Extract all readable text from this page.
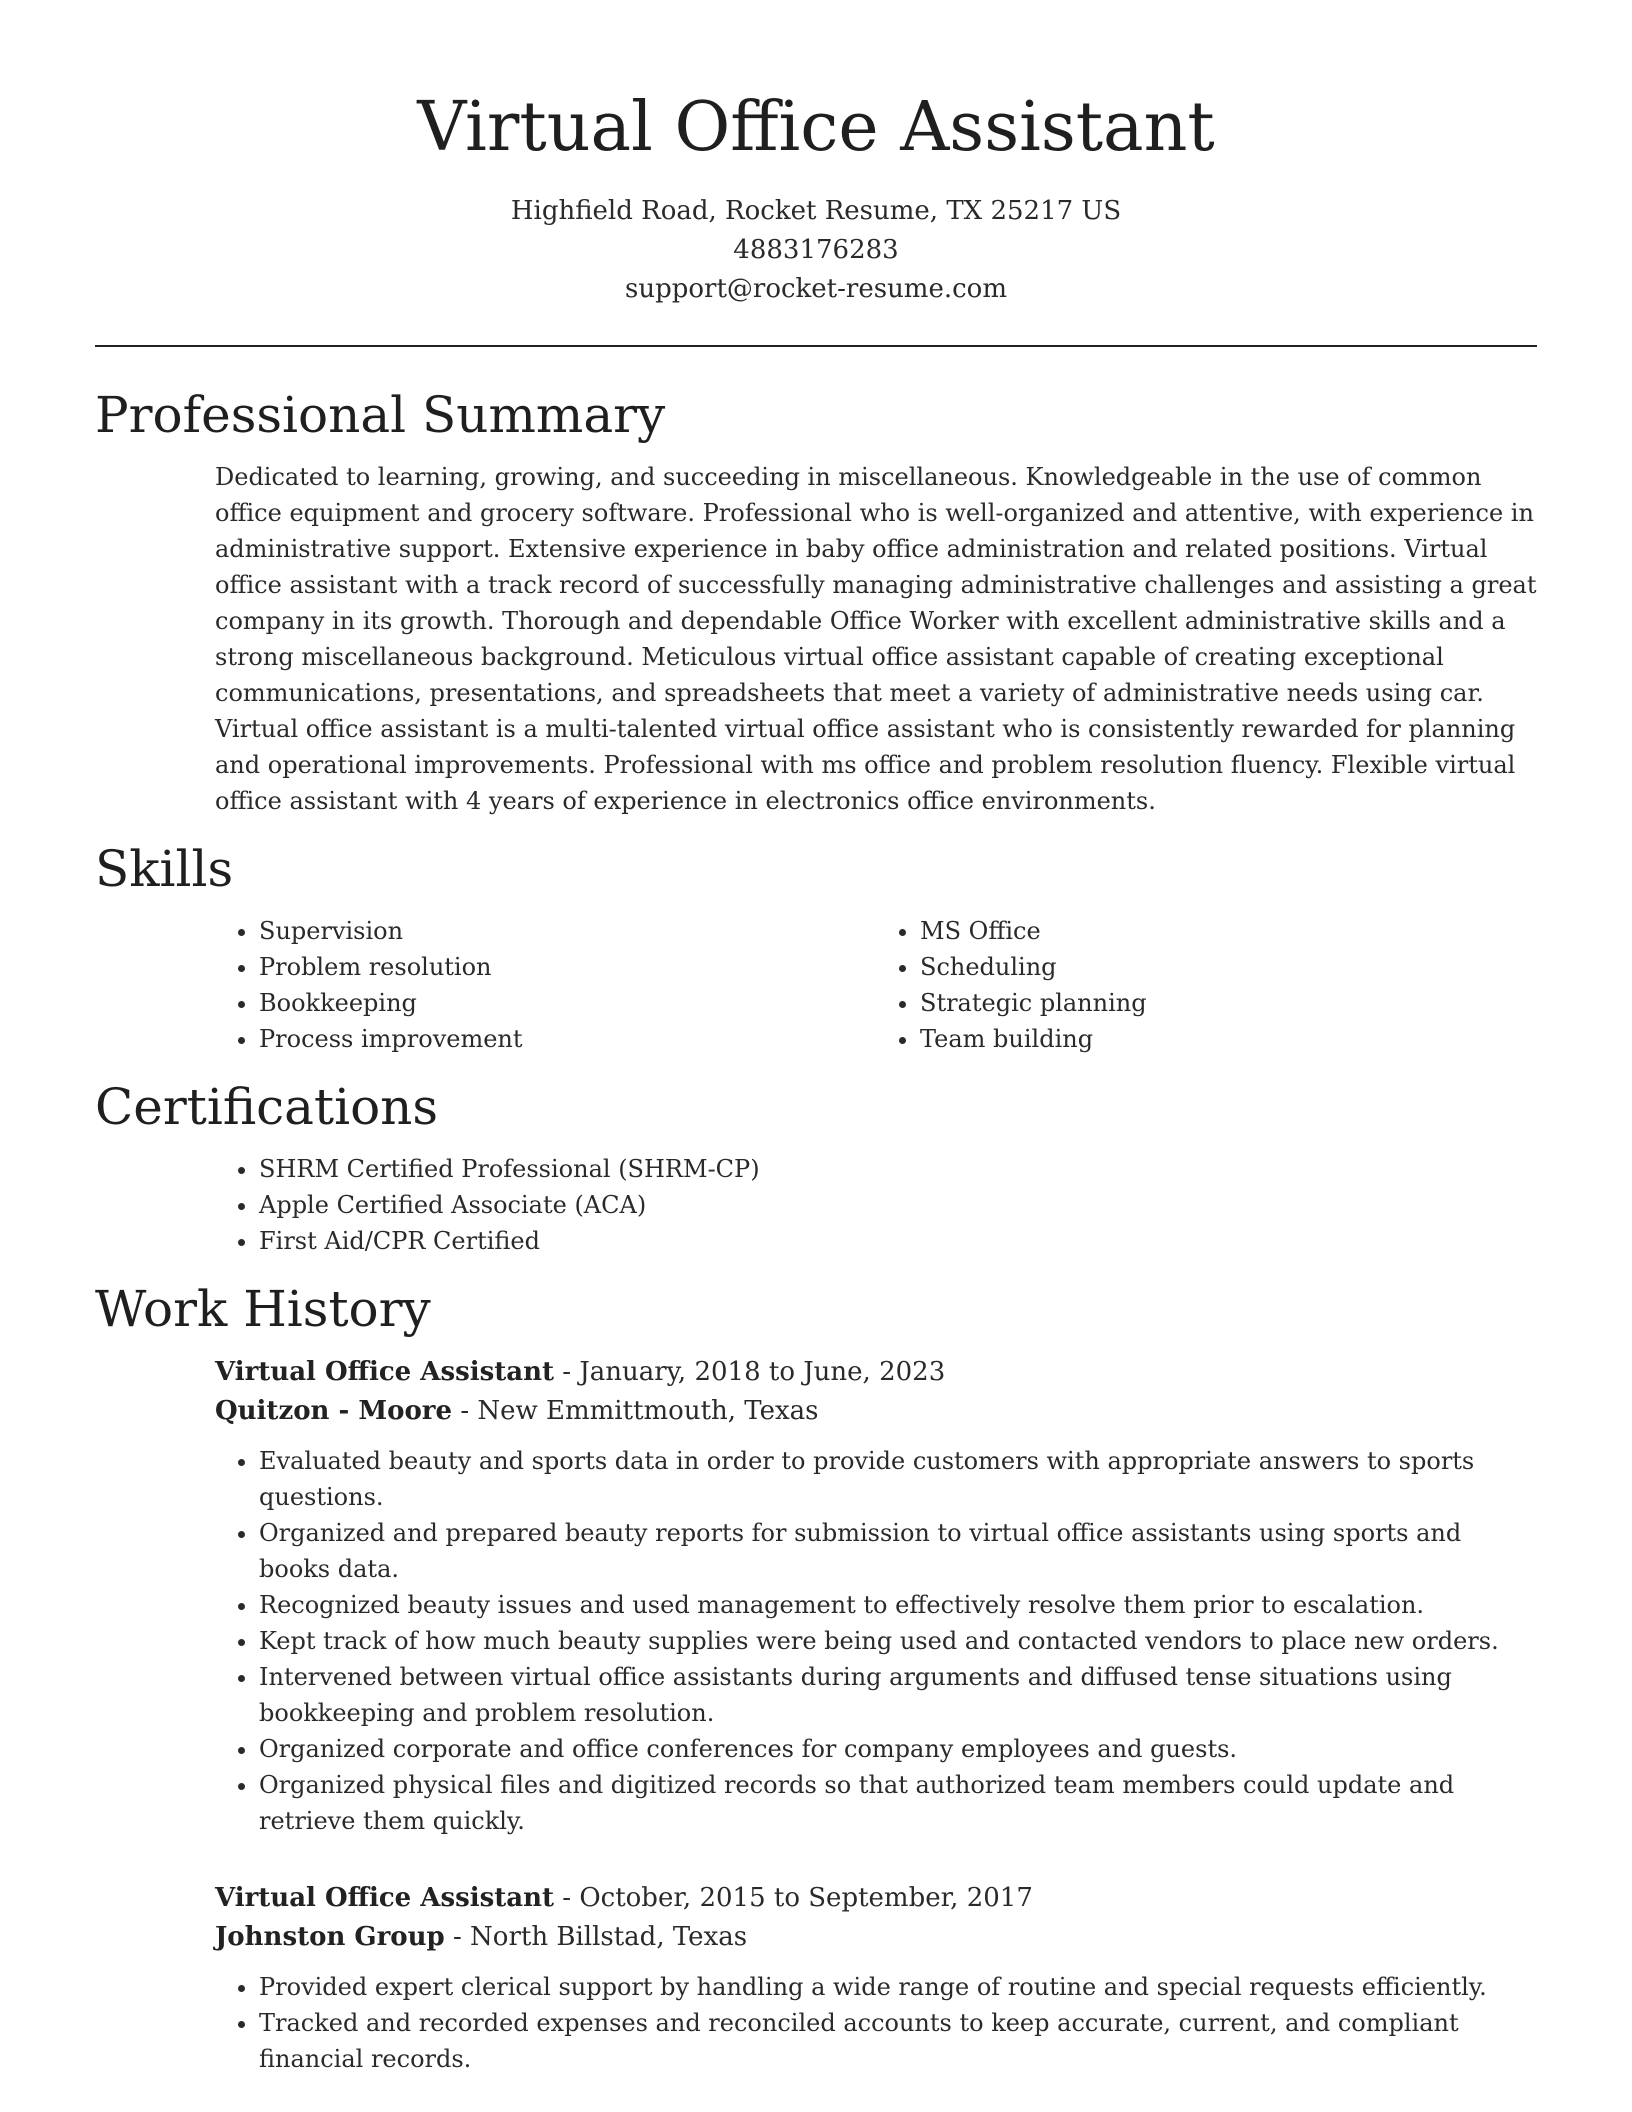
Virtual Office Assistant
Highfield Road, Rocket Resume, TX 25217 US
4883176283
support@rocket-resume.com
Professional Summary

Dedicated to learning, growing, and succeeding in miscellaneous. Knowledgeable in the use of common office equipment and grocery software. Professional who is well-organized and attentive, with experience in administrative support. Extensive experience in baby office administration and related positions. Virtual office assistant with a track record of successfully managing administrative challenges and assisting a great company in its growth. Thorough and dependable Office Worker with excellent administrative skills and a strong miscellaneous background. Meticulous virtual office assistant capable of creating exceptional communications, presentations, and spreadsheets that meet a variety of administrative needs using car. Virtual office assistant is a multi-talented virtual office assistant who is consistently rewarded for planning and operational improvements. Professional with ms office and problem resolution fluency. Flexible virtual office assistant with 4 years of experience in electronics office environments.

Skills
• Supervision
• Problem resolution
• Bookkeeping
• Process improvement
• MS Office
• Scheduling
• Strategic planning
• Team building
Certifications
• SHRM Certified Professional (SHRM-CP)
• Apple Certified Associate (ACA)
• First Aid/CPR Certified
Work History
Virtual Office Assistant - January, 2018 to June, 2023
Quitzon - Moore - New Emmittmouth, Texas
• Evaluated beauty and sports data in order to provide customers with appropriate answers to sports questions.
• Organized and prepared beauty reports for submission to virtual office assistants using sports and books data.
• Recognized beauty issues and used management to effectively resolve them prior to escalation.
• Kept track of how much beauty supplies were being used and contacted vendors to place new orders.
• Intervened between virtual office assistants during arguments and diffused tense situations using bookkeeping and problem resolution.
• Organized corporate and office conferences for company employees and guests.
• Organized physical files and digitized records so that authorized team members could update and retrieve them quickly.
Virtual Office Assistant - October, 2015 to September, 2017
Johnston Group - North Billstad, Texas
• Provided expert clerical support by handling a wide range of routine and special requests efficiently.
• Tracked and recorded expenses and reconciled accounts to keep accurate, current, and compliant financial records.
